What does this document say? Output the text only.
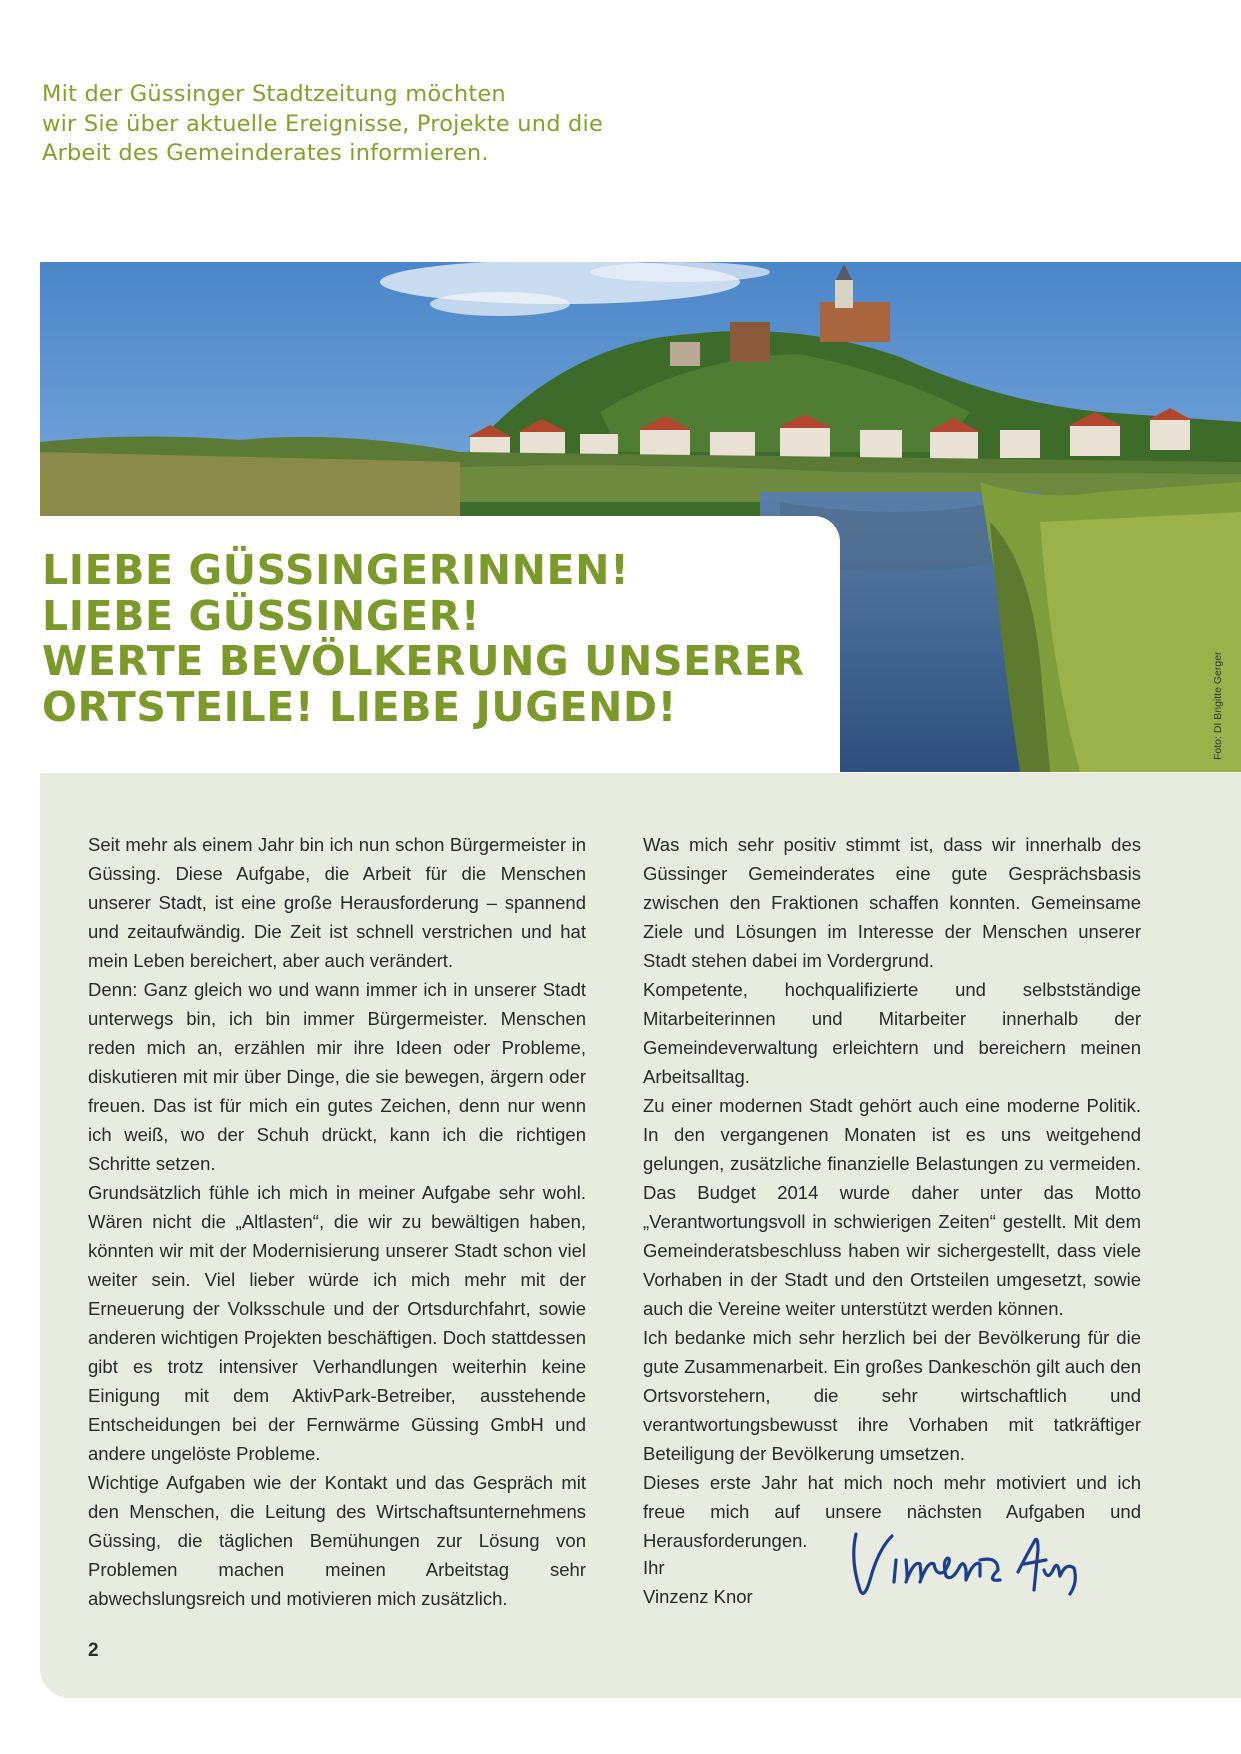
Mit der Güssinger Stadtzeitung möchten
wir Sie über aktuelle Ereignisse, Projekte und die
Arbeit des Gemeinderates informieren.
LIEBE GÜSSINGERINNEN!
LIEBE GÜSSINGER!
WERTE BEVÖLKERUNG UNSERER
ORTSTEILE! LIEBE JUGEND!	Foto: DI Brigitte Gerger

Seit mehr als einem Jahr bin ich nun schon Bürgermeister in Güssing. Diese Aufgabe, die Arbeit für die Menschen unserer Stadt, ist eine große Herausforderung – spannend und zeitaufwändig. Die Zeit ist schnell verstrichen und hat mein Leben bereichert, aber auch verändert.

Denn: Ganz gleich wo und wann immer ich in unserer Stadt unterwegs bin, ich bin immer Bürgermeister. Menschen reden mich an, erzählen mir ihre Ideen oder Probleme, diskutieren mit mir über Dinge, die sie bewegen, ärgern oder freuen. Das ist für mich ein gutes Zeichen, denn nur wenn ich weiß, wo der Schuh drückt, kann ich die richtigen Schritte setzen.

Grundsätzlich fühle ich mich in meiner Aufgabe sehr wohl. Wären nicht die „Altlasten“, die wir zu bewältigen haben, könnten wir mit der Modernisierung unserer Stadt schon viel weiter sein. Viel lieber würde ich mich mehr mit der Erneuerung der Volksschule und der Ortsdurchfahrt, sowie anderen wichtigen Projekten beschäftigen. Doch stattdessen gibt es trotz intensiver Verhandlungen weiterhin keine Einigung mit dem AktivPark-Betreiber, ausstehende Entscheidungen bei der Fernwärme Güssing GmbH und andere ungelöste Probleme.

Wichtige Aufgaben wie der Kontakt und das Gespräch mit den Menschen, die Leitung des Wirtschaftsunternehmens Güssing, die täglichen Bemühungen zur Lösung von Problemen machen meinen Arbeitstag sehr abwechslungsreich und motivieren mich zusätzlich.

Was mich sehr positiv stimmt ist, dass wir innerhalb des Güssinger Gemeinderates eine gute Gesprächsbasis zwischen den Fraktionen schaffen konnten. Gemeinsame Ziele und Lösungen im Interesse der Menschen unserer Stadt stehen dabei im Vordergrund.

Kompetente, hochqualifizierte und selbstständige Mitarbeiterinnen und Mitarbeiter innerhalb der Gemeindeverwaltung erleichtern und bereichern meinen Arbeitsalltag.

Zu einer modernen Stadt gehört auch eine moderne Politik. In den vergangenen Monaten ist es uns weitgehend gelungen, zusätzliche finanzielle Belastungen zu vermeiden. Das Budget 2014 wurde daher unter das Motto „Verantwortungsvoll in schwierigen Zeiten“ gestellt. Mit dem Gemeinderatsbeschluss haben wir sichergestellt, dass viele Vorhaben in der Stadt und den Ortsteilen umgesetzt, sowie auch die Vereine weiter unterstützt werden können.

Ich bedanke mich sehr herzlich bei der Bevölkerung für die gute Zusammenarbeit. Ein großes Dankeschön gilt auch den Ortsvorstehern, die sehr wirtschaftlich und verantwortungsbewusst ihre Vorhaben mit tatkräftiger Beteiligung der Bevölkerung umsetzen.

Dieses erste Jahr hat mich noch mehr motiviert und ich freue mich auf unsere nächsten Aufgaben und Herausforderungen.

Ihr
Vinzenz Knor
2
